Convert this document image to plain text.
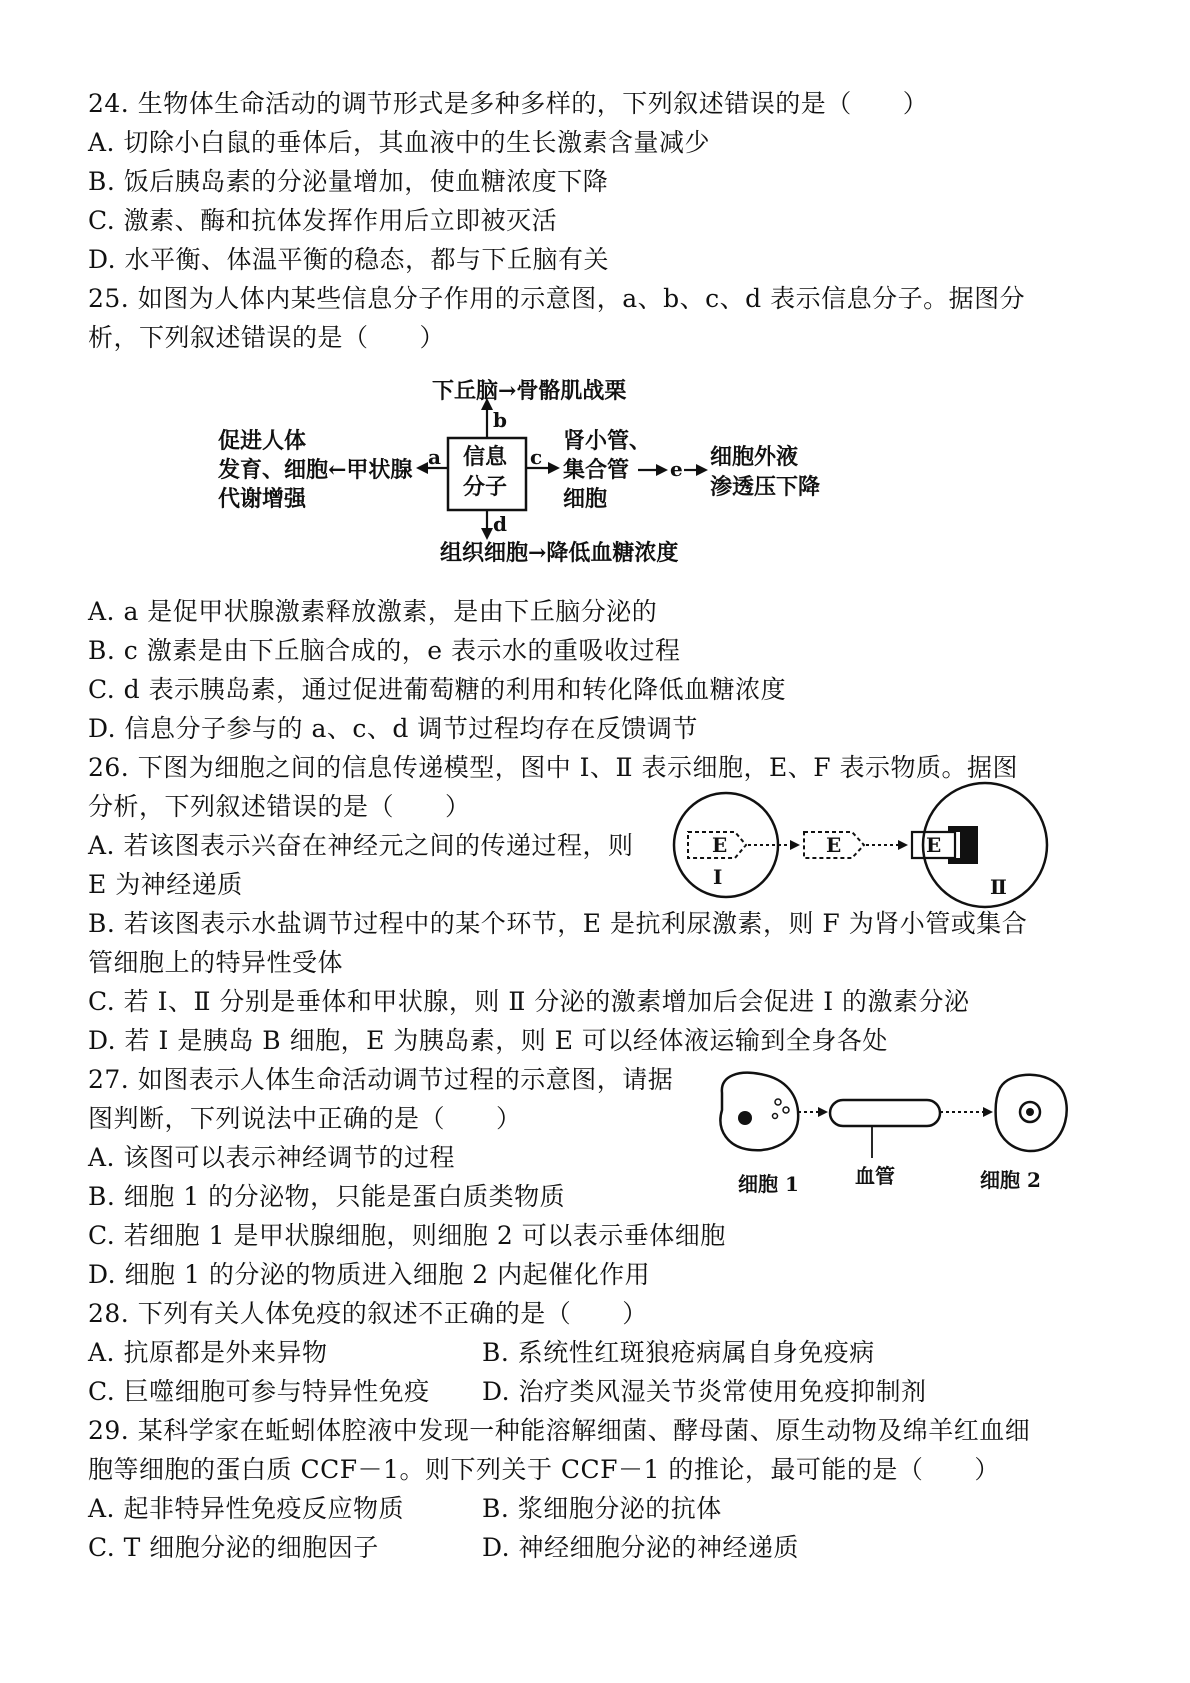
24. 生物体生命活动的调节形式是多种多样的，下列叙述错误的是（　　）
A. 切除小白鼠的垂体后，其血液中的生长激素含量减少
B. 饭后胰岛素的分泌量增加，使血糖浓度下降
C. 激素、酶和抗体发挥作用后立即被灭活
D. 水平衡、体温平衡的稳态，都与下丘脑有关
25. 如图为人体内某些信息分子作用的示意图，a、b、c、d 表示信息分子。据图分
析，下列叙述错误的是（　　）
下丘脑→骨骼肌战栗
b
促进人体
发育、细胞
代谢增强
←甲状腺 a 信息
分子
c
肾小管、
集合管
细胞
e 细胞外液
渗透压下降
d
组织细胞→降低血糖浓度
A. a 是促甲状腺激素释放激素，是由下丘脑分泌的
B. c 激素是由下丘脑合成的，e 表示水的重吸收过程
C. d 表示胰岛素，通过促进葡萄糖的利用和转化降低血糖浓度
D. 信息分子参与的 a、c、d 调节过程均存在反馈调节
26. 下图为细胞之间的信息传递模型，图中 Ⅰ、Ⅱ 表示细胞，E、F 表示物质。据图
分析，下列叙述错误的是（　　）
A. 若该图表示兴奋在神经元之间的传递过程，则
E 为神经递质
B. 若该图表示水盐调节过程中的某个环节，E 是抗利尿激素，则 F 为肾小管或集合
管细胞上的特异性受体
C. 若 Ⅰ、Ⅱ 分别是垂体和甲状腺，则 Ⅱ 分泌的激素增加后会促进 Ⅰ 的激素分泌
D. 若 Ⅰ 是胰岛 B 细胞，E 为胰岛素，则 E 可以经体液运输到全身各处
E	E	E
Ⅰ	Ⅱ
27. 如图表示人体生命活动调节过程的示意图，请据
图判断，下列说法中正确的是（　　）
A. 该图可以表示神经调节的过程
B. 细胞 1 的分泌物，只能是蛋白质类物质
C. 若细胞 1 是甲状腺细胞，则细胞 2 可以表示垂体细胞
D. 细胞 1 的分泌的物质进入细胞 2 内起催化作用
细胞 1	血管	细胞 2
28. 下列有关人体免疫的叙述不正确的是（　　）
A. 抗原都是外来异物	B. 系统性红斑狼疮病属自身免疫病
C. 巨噬细胞可参与特异性免疫 D. 治疗类风湿关节炎常使用免疫抑制剂
29. 某科学家在蚯蚓体腔液中发现一种能溶解细菌、酵母菌、原生动物及绵羊红血细
胞等细胞的蛋白质 CCF－1。则下列关于 CCF－1 的推论，最可能的是（　　）
A. 起非特异性免疫反应物质	B. 浆细胞分泌的抗体
C. T 细胞分泌的细胞因子	D. 神经细胞分泌的神经递质
